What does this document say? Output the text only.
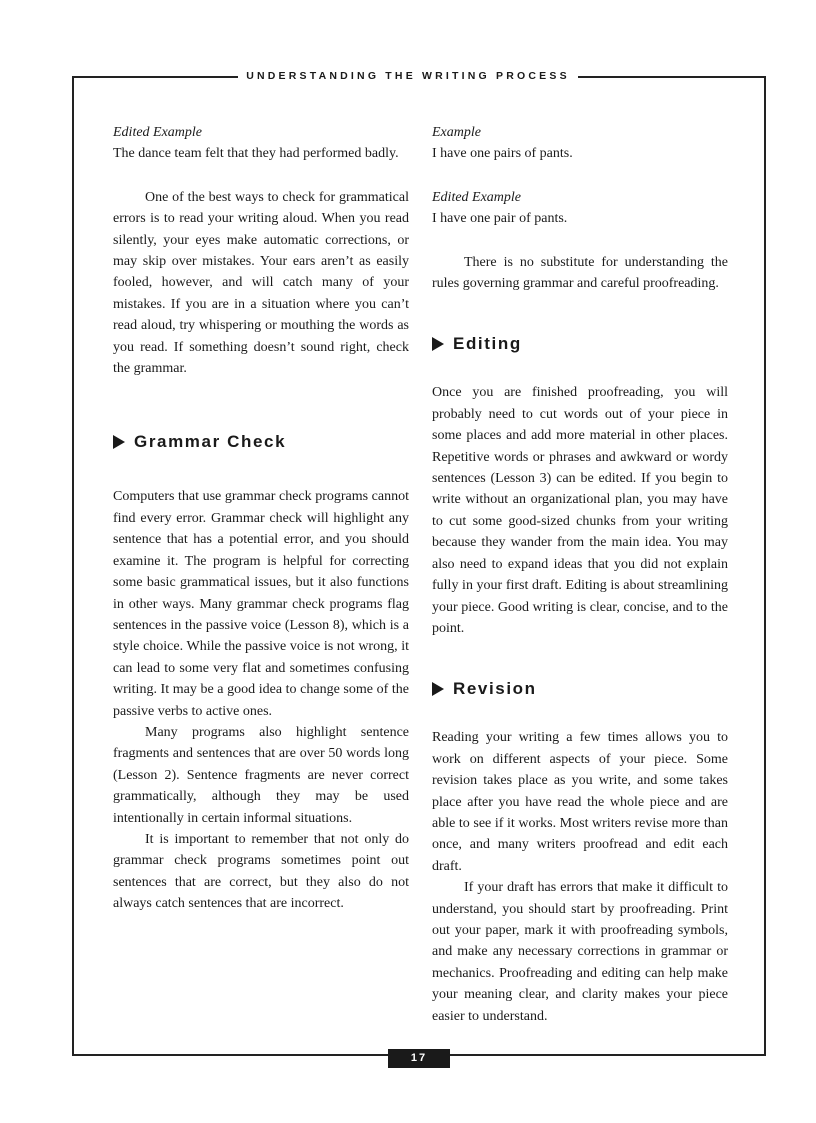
UNDERSTANDING THE WRITING PROCESS

Edited Example

The dance team felt that they had performed badly.

One of the best ways to check for grammatical errors is to read your writing aloud. When you read silently, your eyes make automatic corrections, or may skip over mistakes. Your ears aren’t as easily fooled, however, and will catch many of your mistakes. If you are in a situation where you can’t read aloud, try whispering or mouthing the words as you read. If something doesn’t sound right, check the grammar.

Grammar Check

Computers that use grammar check programs cannot find every error. Grammar check will highlight any sentence that has a potential error, and you should examine it. The program is helpful for correcting some basic grammatical issues, but it also functions in other ways. Many grammar check programs flag sentences in the passive voice (Lesson 8), which is a style choice. While the passive voice is not wrong, it can lead to some very flat and sometimes confusing writing. It may be a good idea to change some of the passive verbs to active ones.

Many programs also highlight sentence fragments and sentences that are over 50 words long (Lesson 2). Sentence fragments are never correct grammatically, although they may be used intentionally in certain informal situations.

It is important to remember that not only do grammar check programs sometimes point out sentences that are correct, but they also do not always catch sentences that are incorrect.

Example

I have one pairs of pants.

Edited Example

I have one pair of pants.

There is no substitute for understanding the rules governing grammar and careful proofreading.

Editing

Once you are finished proofreading, you will probably need to cut words out of your piece in some places and add more material in other places. Repetitive words or phrases and awkward or wordy sentences (Lesson 3) can be edited. If you begin to write without an organizational plan, you may have to cut some good-sized chunks from your writing because they wander from the main idea. You may also need to expand ideas that you did not explain fully in your first draft. Editing is about streamlining your piece. Good writing is clear, concise, and to the point.

Revision

Reading your writing a few times allows you to work on different aspects of your piece. Some revision takes place as you write, and some takes place after you have read the whole piece and are able to see if it works. Most writers revise more than once, and many writers proofread and edit each draft.

If your draft has errors that make it difficult to understand, you should start by proofreading. Print out your paper, mark it with proofreading symbols, and make any necessary corrections in grammar or mechanics. Proofreading and editing can help make your meaning clear, and clarity makes your piece easier to understand.

17
